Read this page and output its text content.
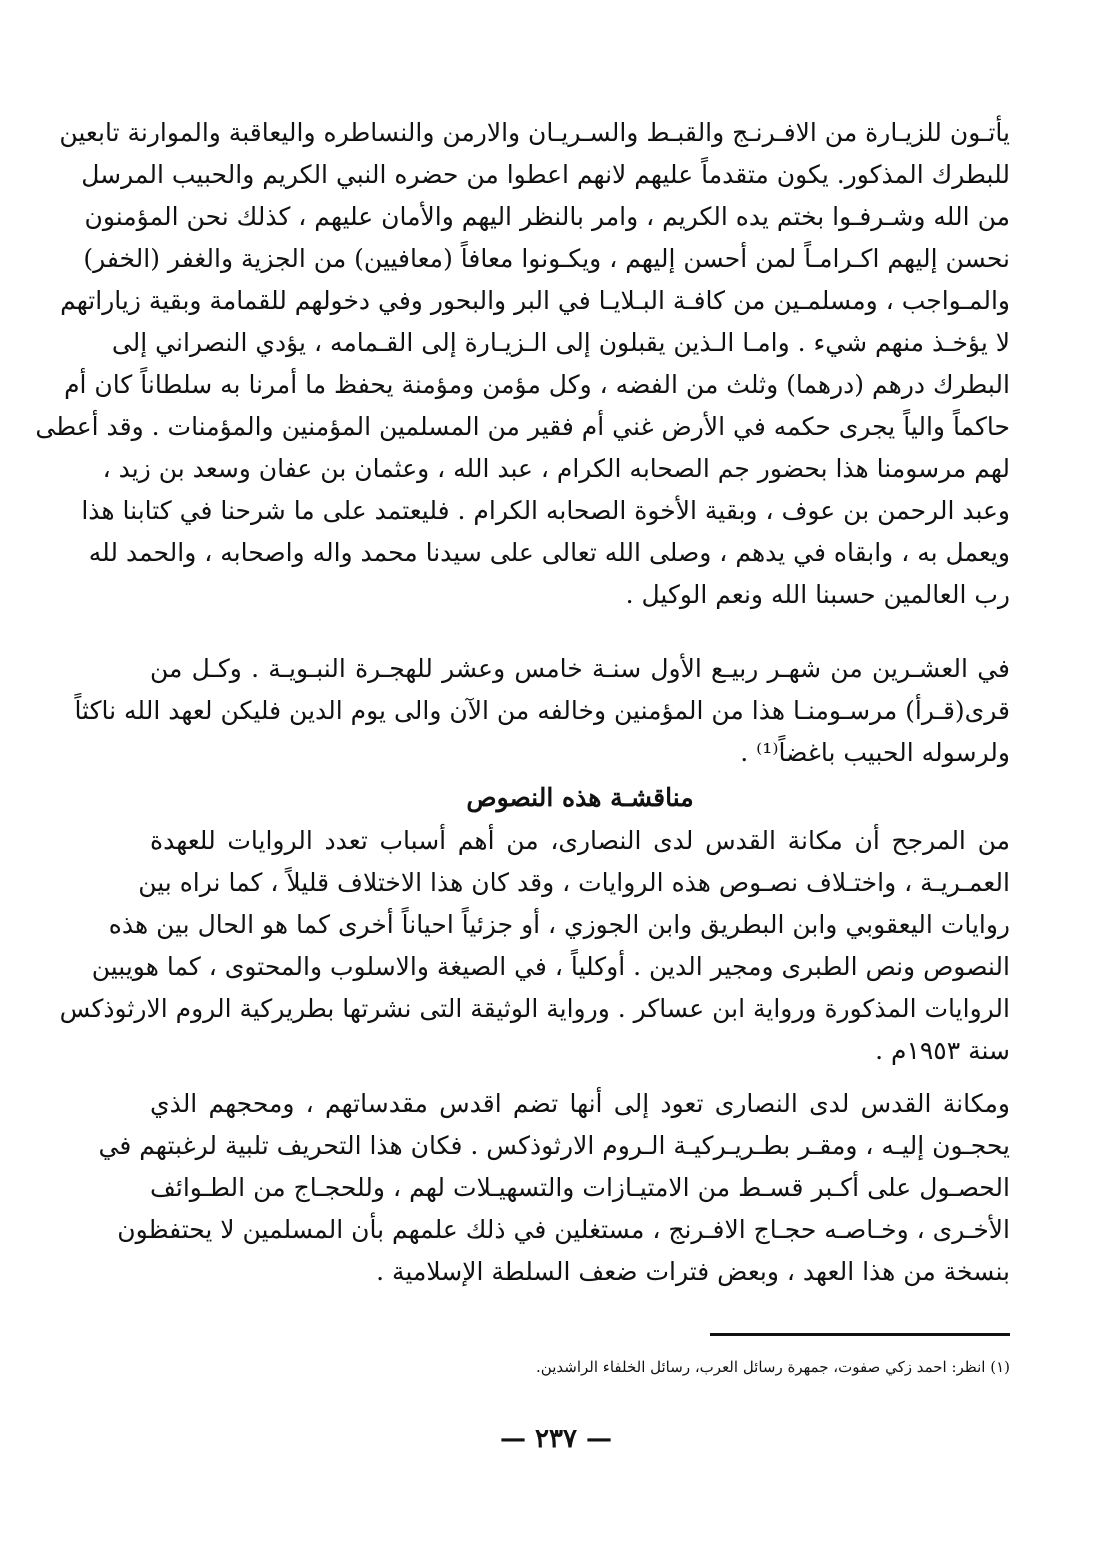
يأتـون للزيـارة من الافـرنـج والقبـط والسـريـان والارمن والنساطره واليعاقبة والموارنة تابعين
للبطرك المذكور. يكون متقدماً عليهم لانهم اعطوا من حضره النبي الكريم والحبيب المرسل
من الله وشـرفـوا بختم يده الكريم ، وامر بالنظر اليهم والأمان عليهم ، كذلك نحن المؤمنون
نحسن إليهم اكـرامـاً لمن أحسن إليهم ، ويكـونوا معافاً (معافيين) من الجزية والغفر (الخفر)
والمـواجب ، ومسلمـين من كافـة البـلايـا في البر والبحور وفي دخولهم للقمامة وبقية زياراتهم
لا يؤخـذ منهم شيء . وامـا الـذين يقبلون إلى الـزيـارة إلى القـمامه ، يؤدي النصراني إلى
البطرك درهم (درهما) وثلث من الفضه ، وكل مؤمن ومؤمنة يحفظ ما أمرنا به سلطاناً كان أم
حاكماً والياً يجرى حكمه في الأرض غني أم فقير من المسلمين المؤمنين والمؤمنات . وقد أعطى
لهم مرسومنا هذا بحضور جم الصحابه الكرام ، عبد الله ، وعثمان بن عفان وسعد بن زيد ،
وعبد الرحمن بن عوف ، وبقية الأخوة الصحابه الكرام . فليعتمد على ما شرحنا في كتابنا هذا
ويعمل به ، وابقاه في يدهم ، وصلى الله تعالى على سيدنا محمد واله واصحابه ، والحمد لله
رب العالمين حسبنا الله ونعم الوكيل .
في العشـرين من شهـر ربيـع الأول سنـة خامس وعشر للهجـرة النبـويـة . وكـل من
قرى(قـرأ) مرسـومنـا هذا من المؤمنين وخالفه من الآن والى يوم الدين فليكن لعهد الله ناكثاً
ولرسوله الحبيب باغضاً⁽¹⁾ .
مناقشـة هذه النصوص
من المرجح أن مكانة القدس لدى النصارى، من أهم أسباب تعدد الروايات للعهدة
العمـريـة ، واختـلاف نصـوص هذه الروايات ، وقد كان هذا الاختلاف قليلاً ، كما نراه بين
روايات اليعقوبي وابن البطريق وابن الجوزي ، أو جزئياً احياناً أخرى كما هو الحال بين هذه
النصوص ونص الطبرى ومجير الدين . أوكلياً ، في الصيغة والاسلوب والمحتوى ، كما هويبين
الروايات المذكورة ورواية ابن عساكر . ورواية الوثيقة التى نشرتها بطريركية الروم الارثوذكس
سنة ١٩٥٣م .
ومكانة القدس لدى النصارى تعود إلى أنها تضم اقدس مقدساتهم ، ومحجهم الذي
يحجـون إليـه ، ومقـر بطـريـركيـة الـروم الارثوذكس . فكان هذا التحريف تلبية لرغبتهم في
الحصـول على أكـبر قسـط من الامتيـازات والتسهيـلات لهم ، وللحجـاج من الطـوائف
الأخـرى ، وخـاصـه حجـاج الافـرنج ، مستغلين في ذلك علمهم بأن المسلمين لا يحتفظون
بنسخة من هذا العهد ، وبعض فترات ضعف السلطة الإسلامية .
(١) انظر: احمد زكي صفوت، جمهرة رسائل العرب، رسائل الخلفاء الراشدين.
— ٢٣٧ —
